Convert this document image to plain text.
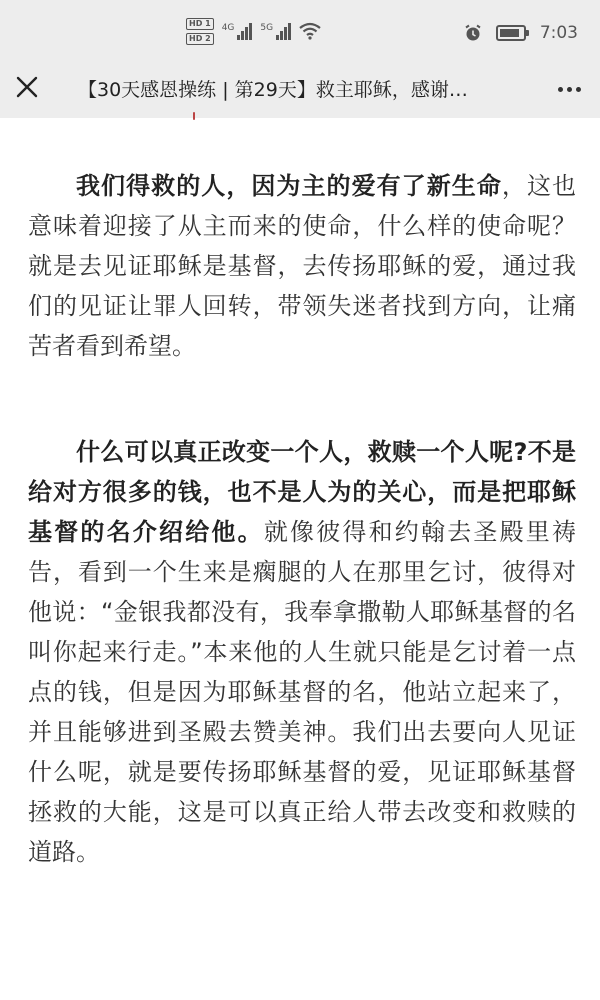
HD 1
HD 2
4G	5G	7:03
【30天感恩操练 | 第29天】救主耶稣，感谢…

我们得救的人，因为主的爱有了新生命，这也意味着迎接了从主而来的使命，什么样的使命呢？就是去见证耶稣是基督，去传扬耶稣的爱，通过我们的见证让罪人回转，带领失迷者找到方向，让痛苦者看到希望。

什么可以真正改变一个人，救赎一个人呢?不是给对方很多的钱，也不是人为的关心，而是把耶稣基督的名介绍给他。就像彼得和约翰去圣殿里祷告，看到一个生来是瘸腿的人在那里乞讨，彼得对他说：“金银我都没有，我奉拿撒勒人耶稣基督的名叫你起来行走。”本来他的人生就只能是乞讨着一点点的钱，但是因为耶稣基督的名，他站立起来了，并且能够进到圣殿去赞美神。我们出去要向人见证什么呢，就是要传扬耶稣基督的爱，见证耶稣基督拯救的大能，这是可以真正给人带去改变和救赎的道路。
